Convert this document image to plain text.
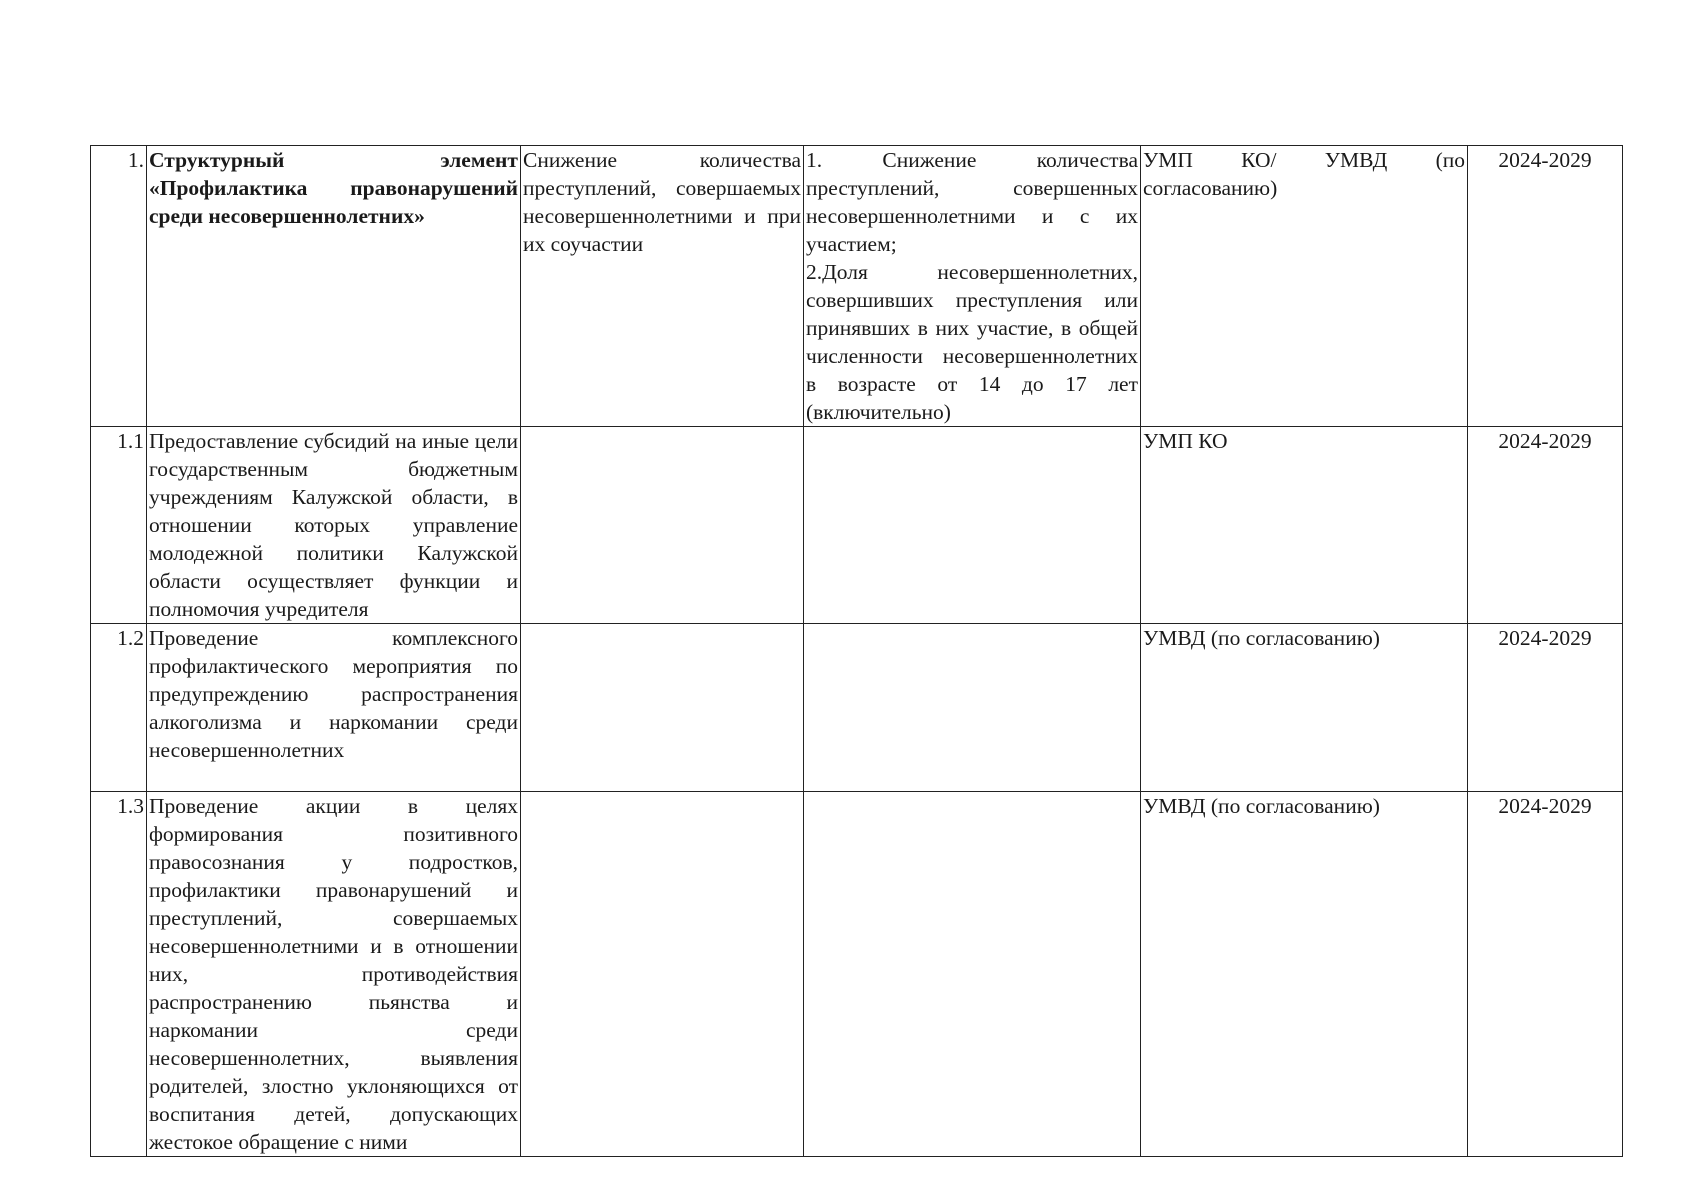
1.	Структурный элемент «Профилактика правонарушений среди несовершеннолетних»	Снижение количества преступлений, совершаемых несовершеннолетними и при их соучастии	1. Снижение количества преступлений, совершенных несовершеннолетними и с их участием;
2.Доля несовершеннолетних, совершивших преступления или принявших в них участие, в общей численности несовершеннолетних в возрасте от 14 до 17 лет (включительно)	УМП КО/ УМВД (по согласованию)	2024-2029
1.1	Предоставление субсидий на иные цели государственным бюджетным учреждениям Калужской области, в отношении которых управление молодежной политики Калужской области осуществляет функции и полномочия учредителя			УМП КО	2024-2029
1.2	Проведение комплексного профилактического мероприятия по предупреждению распространения алкоголизма и наркомании среди несовершеннолетних			УМВД (по согласованию)	2024-2029
1.3	Проведение акции в целях формирования позитивного правосознания у подростков, профилактики правонарушений и преступлений, совершаемых несовершеннолетними и в отношении них, противодействия распространению пьянства и наркомании среди несовершеннолетних, выявления родителей, злостно уклоняющихся от воспитания детей, допускающих жестокое обращение с ними			УМВД (по согласованию)	2024-2029
